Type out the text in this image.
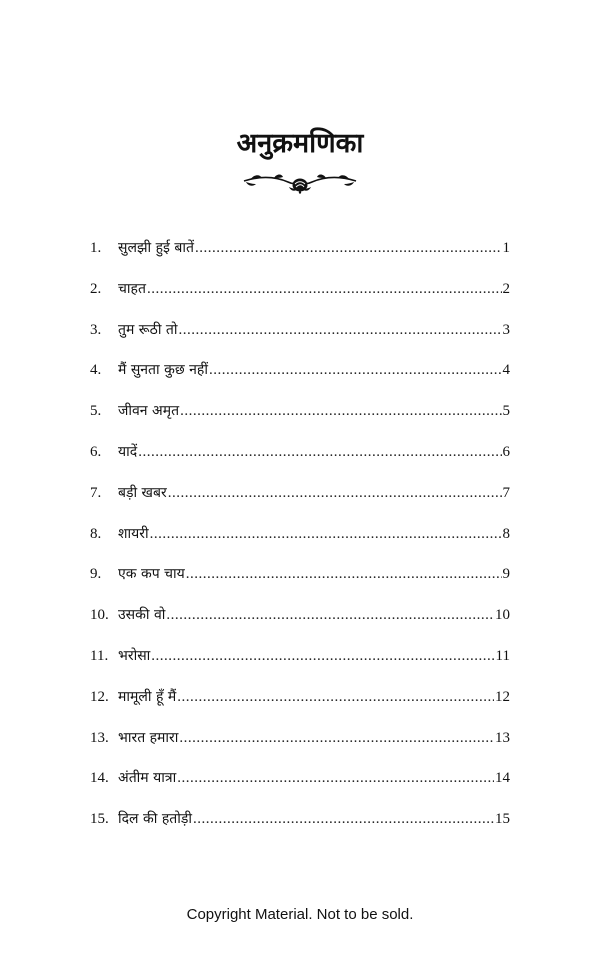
अनुक्रमणिका
1.	सुलझी हुई बातें .....	1
2.	चाहत .....	2
3.	तुम रूठी तो .....	3
4.	मैं सुनता कुछ नहीं .....	4
5.	जीवन अमृत .....	5
6.	यादें .....	6
7.	बड़ी खबर .....	7
8.	शायरी .....	8
9.	एक कप चाय .....	9
10. उसकी वो .....	10
11. भरोसा .....	11
12. मामूली हूँ मैं .....	12
13. भारत हमारा .....	13
14. अंतीम यात्रा .....	14
15. दिल की हतोड़ी .....	15

Copyright Material. Not to be sold.
